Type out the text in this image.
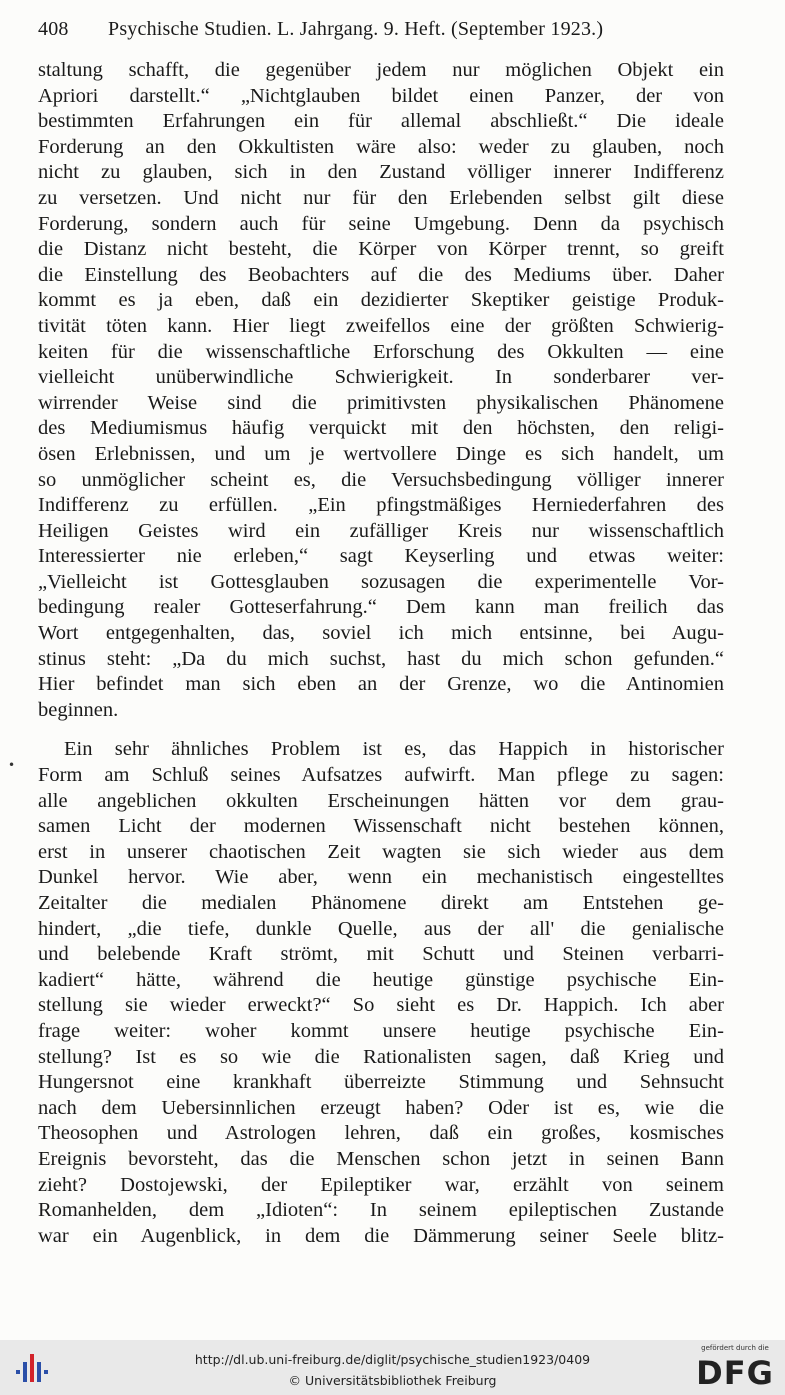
408 Psychische Studien. L. Jahrgang. 9. Heft. (September 1923.)
staltung schafft, die gegenüber jedem nur möglichen Objekt ein
Apriori darstellt.“ „Nichtglauben bildet einen Panzer, der von
bestimmten Erfahrungen ein für allemal abschließt.“ Die ideale
Forderung an den Okkultisten wäre also: weder zu glauben, noch
nicht zu glauben, sich in den Zustand völliger innerer Indifferenz
zu versetzen. Und nicht nur für den Erlebenden selbst gilt diese
Forderung, sondern auch für seine Umgebung. Denn da psychisch
die Distanz nicht besteht, die Körper von Körper trennt, so greift
die Einstellung des Beobachters auf die des Mediums über. Daher
kommt es ja eben, daß ein dezidierter Skeptiker geistige Produk-
tivität töten kann. Hier liegt zweifellos eine der größten Schwierig-
keiten für die wissenschaftliche Erforschung des Okkulten — eine
vielleicht unüberwindliche Schwierigkeit. In sonderbarer ver-
wirrender Weise sind die primitivsten physikalischen Phänomene
des Mediumismus häufig verquickt mit den höchsten, den religi-
ösen Erlebnissen, und um je wertvollere Dinge es sich handelt, um
so unmöglicher scheint es, die Versuchsbedingung völliger innerer
Indifferenz zu erfüllen. „Ein pfingstmäßiges Herniederfahren des
Heiligen Geistes wird ein zufälliger Kreis nur wissenschaftlich
Interessierter nie erleben,“ sagt Keyserling und etwas weiter:
„Vielleicht ist Gottesglauben sozusagen die experimentelle Vor-
bedingung realer Gotteserfahrung.“ Dem kann man freilich das
Wort entgegenhalten, das, soviel ich mich entsinne, bei Augu-
stinus steht: „Da du mich suchst, hast du mich schon gefunden.“
Hier befindet man sich eben an der Grenze, wo die Antinomien
beginnen.
Ein sehr ähnliches Problem ist es, das Happich in historischer
Form am Schluß seines Aufsatzes aufwirft. Man pflege zu sagen:
alle angeblichen okkulten Erscheinungen hätten vor dem grau-
samen Licht der modernen Wissenschaft nicht bestehen können,
erst in unserer chaotischen Zeit wagten sie sich wieder aus dem
Dunkel hervor. Wie aber, wenn ein mechanistisch eingestelltes
Zeitalter die medialen Phänomene direkt am Entstehen ge-
hindert, „die tiefe, dunkle Quelle, aus der all' die genialische
und belebende Kraft strömt, mit Schutt und Steinen verbarri-
kadiert“ hätte, während die heutige günstige psychische Ein-
stellung sie wieder erweckt?“ So sieht es Dr. Happich. Ich aber
frage weiter: woher kommt unsere heutige psychische Ein-
stellung? Ist es so wie die Rationalisten sagen, daß Krieg und
Hungersnot eine krankhaft überreizte Stimmung und Sehnsucht
nach dem Uebersinnlichen erzeugt haben? Oder ist es, wie die
Theosophen und Astrologen lehren, daß ein großes, kosmisches
Ereignis bevorsteht, das die Menschen schon jetzt in seinen Bann
zieht? Dostojewski, der Epileptiker war, erzählt von seinem
Romanhelden, dem „Idioten“: In seinem epileptischen Zustande
war ein Augenblick, in dem die Dämmerung seiner Seele blitz-
•
http://dl.ub.uni-freiburg.de/diglit/psychische_studien1923/0409
© Universitätsbibliothek Freiburg
gefördert durch die
DFG
